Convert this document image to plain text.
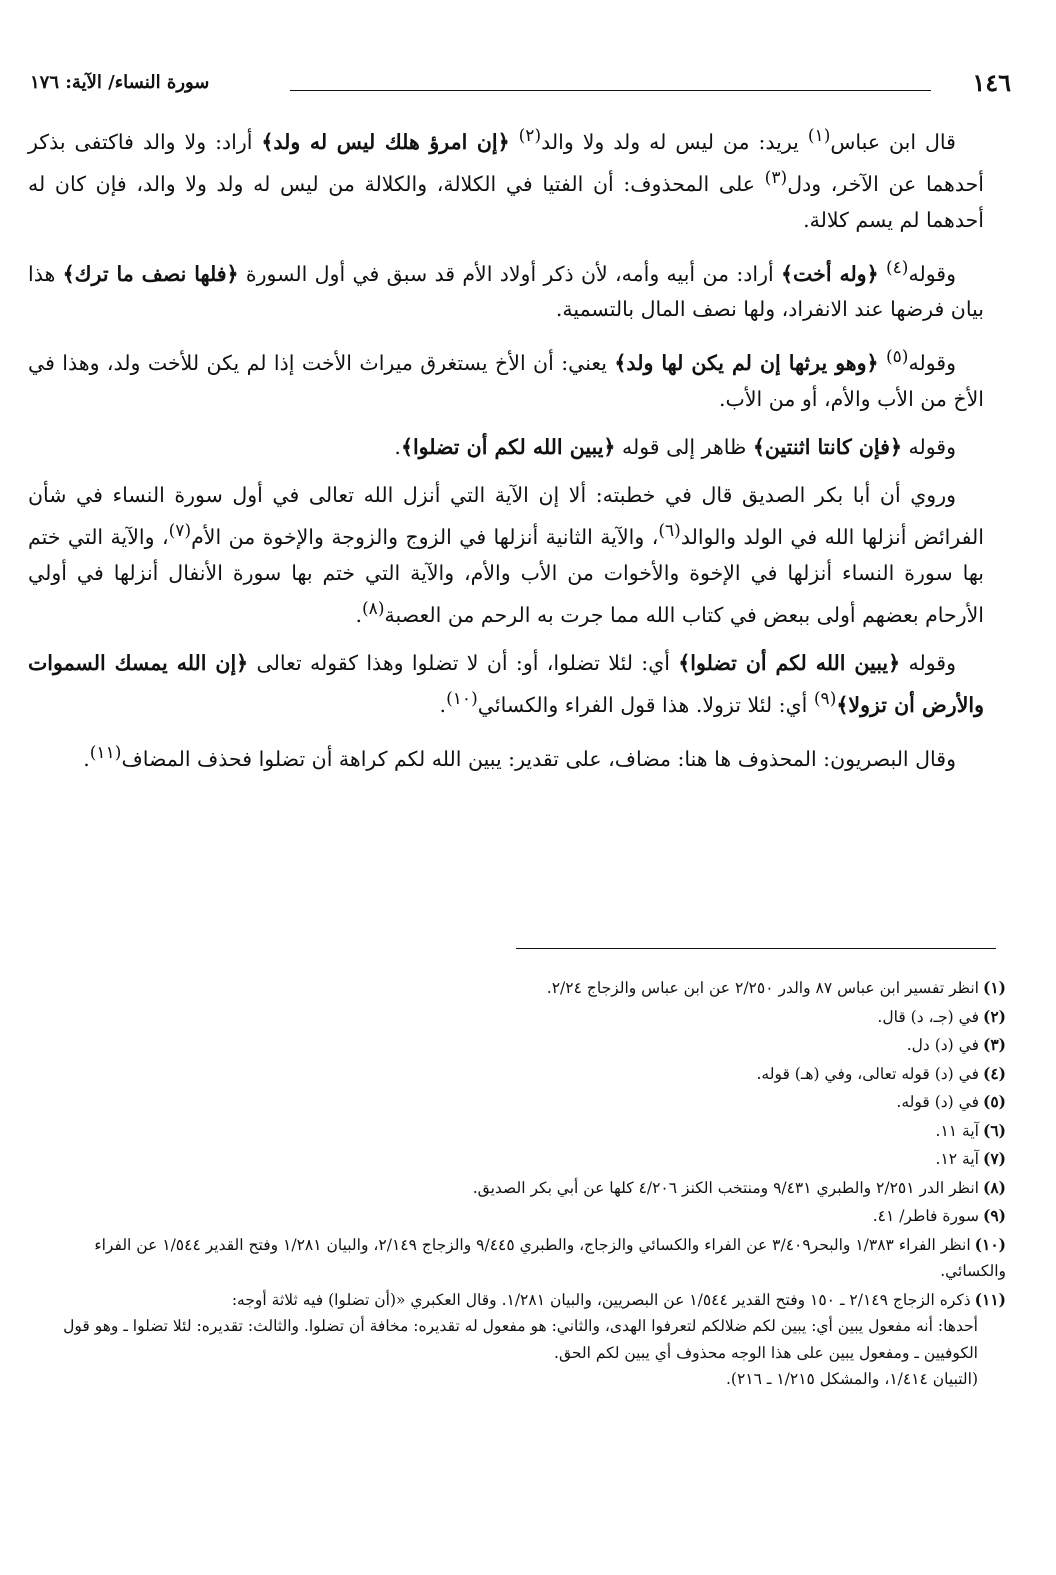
١٤٦
سورة النساء/ الآية: ١٧٦

قال ابن عباس$^{(١)}$ يريد: من ليس له ولد ولا والد$^{(٢)}$ ﴿إن امرؤ هلك ليس له ولد﴾ أراد: ولا والد فاكتفى بذكر أحدهما عن الآخر، ودل$^{(٣)}$ على المحذوف: أن الفتيا في الكلالة، والكلالة من ليس له ولد ولا والد، فإن كان له أحدهما لم يسم كلالة.

وقوله$^{(٤)}$ ﴿وله أخت﴾ أراد: من أبيه وأمه، لأن ذكر أولاد الأم قد سبق في أول السورة ﴿فلها نصف ما ترك﴾ هذا بيان فرضها عند الانفراد، ولها نصف المال بالتسمية.

وقوله$^{(٥)}$ ﴿وهو يرثها إن لم يكن لها ولد﴾ يعني: أن الأخ يستغرق ميراث الأخت إذا لم يكن للأخت ولد، وهذا في الأخ من الأب والأم، أو من الأب.

وقوله ﴿فإن كانتا اثنتين﴾ ظاهر إلى قوله ﴿يبين الله لكم أن تضلوا﴾.

وروي أن أبا بكر الصديق قال في خطبته: ألا إن الآية التي أنزل الله تعالى في أول سورة النساء في شأن الفرائض أنزلها الله في الولد والوالد$^{(٦)}$، والآية الثانية أنزلها في الزوج والزوجة والإخوة من الأم$^{(٧)}$، والآية التي ختم بها سورة النساء أنزلها في الإخوة والأخوات من الأب والأم، والآية التي ختم بها سورة الأنفال أنزلها في أولي الأرحام بعضهم أولى ببعض في كتاب الله مما جرت به الرحم من العصبة$^{(٨)}$.

وقوله ﴿يبين الله لكم أن تضلوا﴾ أي: لئلا تضلوا، أو: أن لا تضلوا وهذا كقوله تعالى ﴿إن الله يمسك السموات والأرض أن تزولا﴾$^{(٩)}$ أي: لئلا تزولا. هذا قول الفراء والكسائي$^{(١٠)}$.

وقال البصريون: المحذوف ها هنا: مضاف، على تقدير: يبين الله لكم كراهة أن تضلوا فحذف المضاف$^{(١١)}$.

(١)انظر تفسير ابن عباس ٨٧ والدر ٢/٢٥٠ عن ابن عباس والزجاج ٢/٢٤.
(٢)في (جـ، د) قال.
(٣)في (د) دل.
(٤)في (د) قوله تعالى، وفي (هـ) قوله.
(٥)في (د) قوله.
(٦)آية ١١.
(٧)آية ١٢.
(٨)انظر الدر ٢/٢٥١ والطبري ٩/٤٣١ ومنتخب الكنز ٤/٢٠٦ كلها عن أبي بكر الصديق.
(٩)سورة فاطر/ ٤١.
(١٠)انظر الفراء ١/٣٨٣ والبحر٣/٤٠٩ عن الفراء والكسائي والزجاج، والطبري ٩/٤٤٥ والزجاج ٢/١٤٩، والبيان ١/٢٨١ وفتح القدير ١/٥٤٤ عن الفراء والكسائي.
(١١)ذكره الزجاج ٢/١٤٩ ـ ١٥٠ وفتح القدير ١/٥٤٤ عن البصريين، والبيان ١/٢٨١. وقال العكبري «(أن تضلوا) فيه ثلاثة أوجه:
أحدها: أنه مفعول يبين أي: يبين لكم ضلالكم لتعرفوا الهدى، والثاني: هو مفعول له تقديره: مخافة أن تضلوا. والثالث: تقديره: لئلا تضلوا ـ وهو قول الكوفيين ـ ومفعول يبين على هذا الوجه محذوف أي يبين لكم الحق.
(التبيان ١/٤١٤، والمشكل ١/٢١٥ ـ ٢١٦).
